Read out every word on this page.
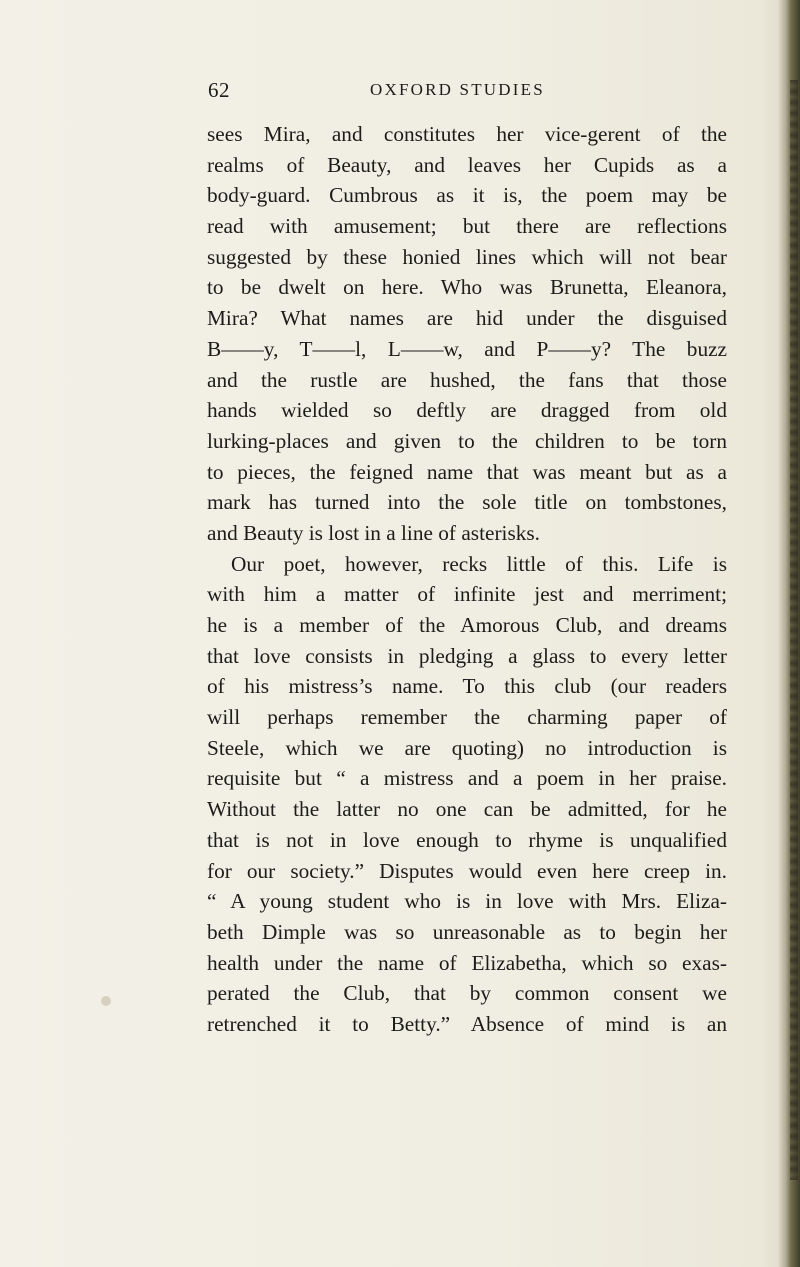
62	OXFORD STUDIES
sees Mira, and constitutes her vice-gerent of the
realms of Beauty, and leaves her Cupids as a
body-guard. Cumbrous as it is, the poem may be
read with amusement; but there are reflections
suggested by these honied lines which will not bear
to be dwelt on here. Who was Brunetta, Eleanora,
Mira? What names are hid under the disguised
B——y, T——l, L——w, and P——y? The buzz
and the rustle are hushed, the fans that those
hands wielded so deftly are dragged from old
lurking-places and given to the children to be torn
to pieces, the feigned name that was meant but as a
mark has turned into the sole title on tombstones,
and Beauty is lost in a line of asterisks.
Our poet, however, recks little of this. Life is
with him a matter of infinite jest and merriment;
he is a member of the Amorous Club, and dreams
that love consists in pledging a glass to every letter
of his mistress’s name. To this club (our readers
will perhaps remember the charming paper of
Steele, which we are quoting) no introduction is
requisite but “ a mistress and a poem in her praise.
Without the latter no one can be admitted, for he
that is not in love enough to rhyme is unqualified
for our society.” Disputes would even here creep in.
“ A young student who is in love with Mrs. Eliza-
beth Dimple was so unreasonable as to begin her
health under the name of Elizabetha, which so exas-
perated the Club, that by common consent we
retrenched it to Betty.” Absence of mind is an
